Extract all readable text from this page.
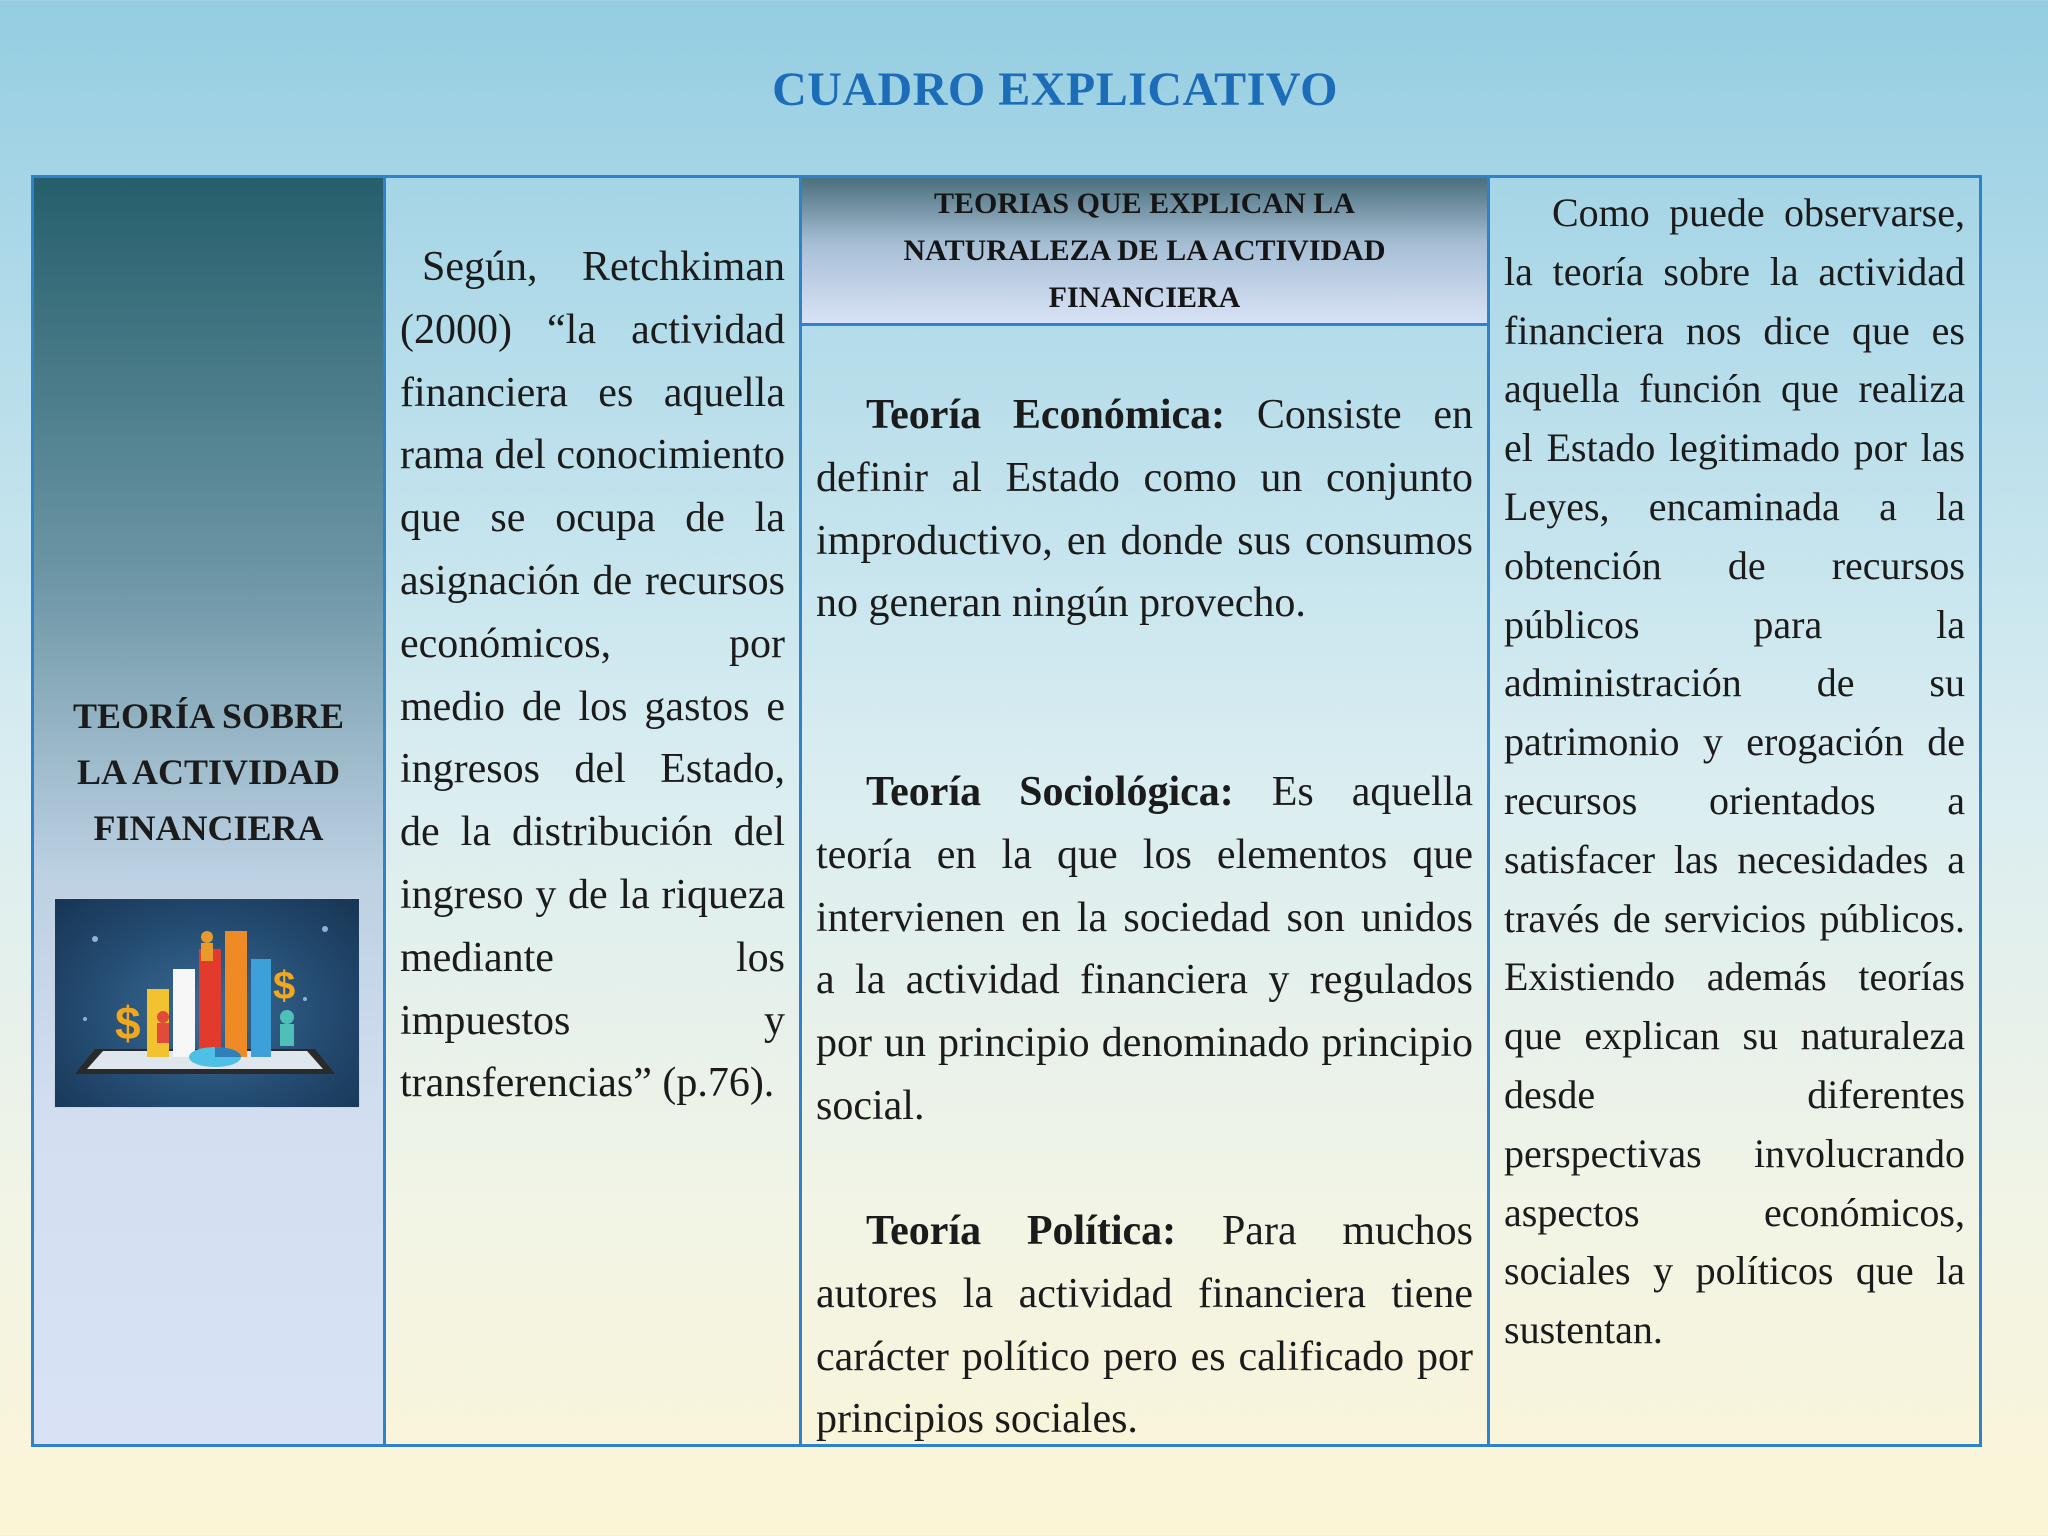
CUADRO EXPLICATIVO
TEORÍA SOBRE
LA ACTIVIDAD
FINANCIERA
$
$
Según, Retchkiman (2000) “la actividad financiera es aquella rama del conocimiento que se ocupa de la asignación de recursos económicos, por medio de los gastos e ingresos del Estado, de la distribución del ingreso y de la riqueza mediante los impuestos y transferencias” (p.76).
TEORIAS QUE EXPLICAN LA
NATURALEZA DE LA ACTIVIDAD
FINANCIERA
Teoría Económica: Consiste en definir al Estado como un conjunto improductivo, en donde sus consumos no generan ningún provecho.
Teoría Sociológica: Es aquella teoría en la que los elementos que intervienen en la sociedad son unidos a la actividad financiera y regulados por un principio denominado principio social.
Teoría Política: Para muchos autores la actividad financiera tiene carácter político pero es calificado por principios sociales.
Como puede observarse, la teoría sobre la actividad financiera nos dice que es aquella función que realiza el Estado legitimado por las Leyes, encaminada a la obtención de recursos públicos para la administración de su patrimonio y erogación de recursos orientados a satisfacer las necesidades a través de servicios públicos. Existiendo además teorías que explican su naturaleza desde diferentes perspectivas involucrando aspectos económicos, sociales y políticos que la sustentan.
